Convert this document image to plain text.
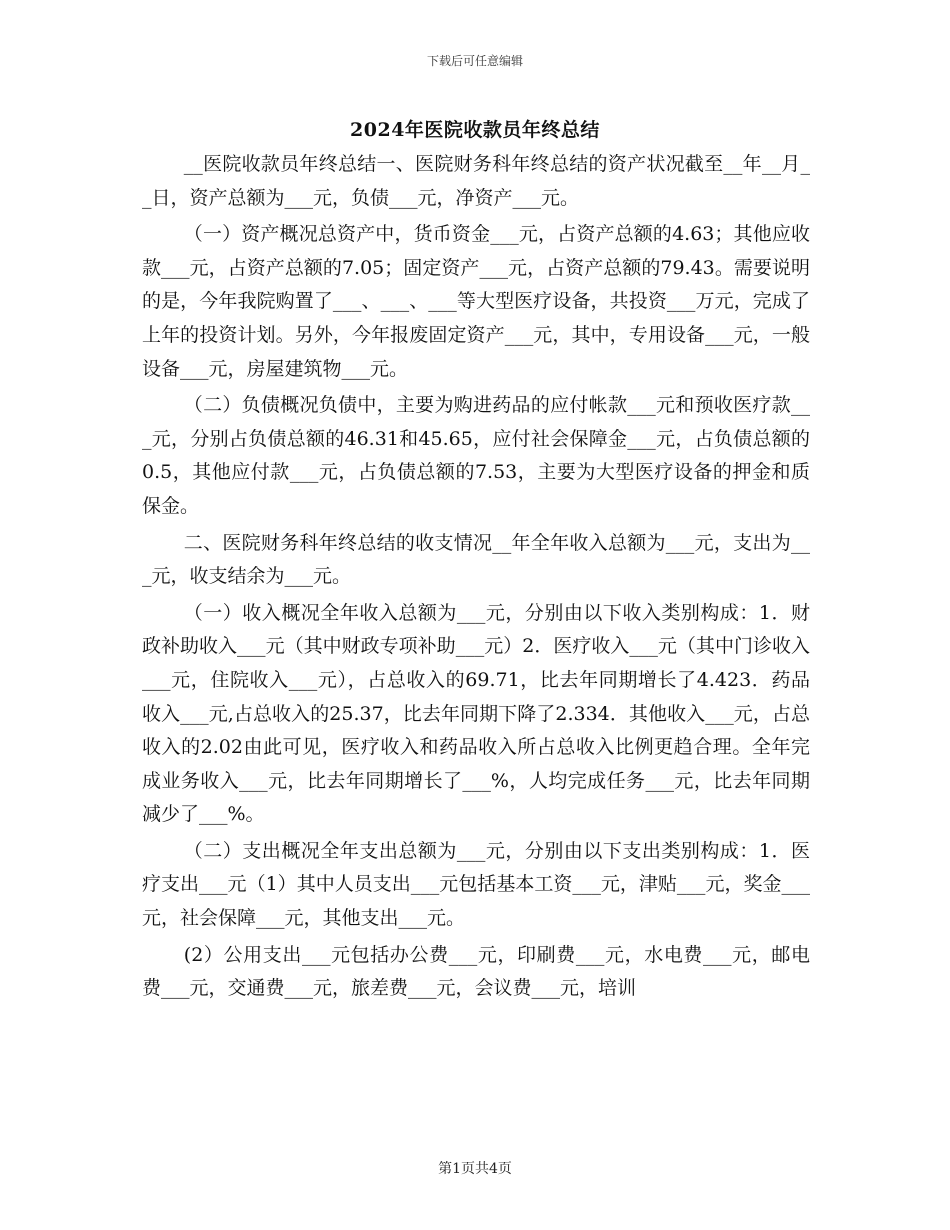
下载后可任意编辑
2024年医院收款员年终总结

__医院收款员年终总结一、医院财务科年终总结的资产状况截至__年__月__日，资产总额为___元，负债___元，净资产___元。

（一）资产概况总资产中，货币资金___元，占资产总额的4.63；其他应收款___元，占资产总额的7.05；固定资产___元，占资产总额的79.43。需要说明的是，今年我院购置了___、___、___等大型医疗设备，共投资___万元，完成了上年的投资计划。另外，今年报废固定资产___元，其中，专用设备___元，一般设备___元，房屋建筑物___元。

（二）负债概况负债中，主要为购进药品的应付帐款___元和预收医疗款___元，分别占负债总额的46.31和45.65，应付社会保障金___元，占负债总额的0.5，其他应付款___元，占负债总额的7.53，主要为大型医疗设备的押金和质保金。

二、医院财务科年终总结的收支情况__年全年收入总额为___元，支出为___元，收支结余为___元。

（一）收入概况全年收入总额为___元，分别由以下收入类别构成：1．财政补助收入___元（其中财政专项补助___元）2．医疗收入___元（其中门诊收入___元，住院收入___元），占总收入的69.71，比去年同期增长了4.423．药品收入___元,占总收入的25.37，比去年同期下降了2.334．其他收入___元，占总收入的2.02由此可见，医疗收入和药品收入所占总收入比例更趋合理。全年完成业务收入___元，比去年同期增长了___%，人均完成任务___元，比去年同期减少了___%。

（二）支出概况全年支出总额为___元，分别由以下支出类别构成：1．医疗支出___元（1）其中人员支出___元包括基本工资___元，津贴___元，奖金___元，社会保障___元，其他支出___元。

(2）公用支出___元包括办公费___元，印刷费___元，水电费___元，邮电费___元，交通费___元，旅差费___元，会议费___元，培训

第1页共4页
